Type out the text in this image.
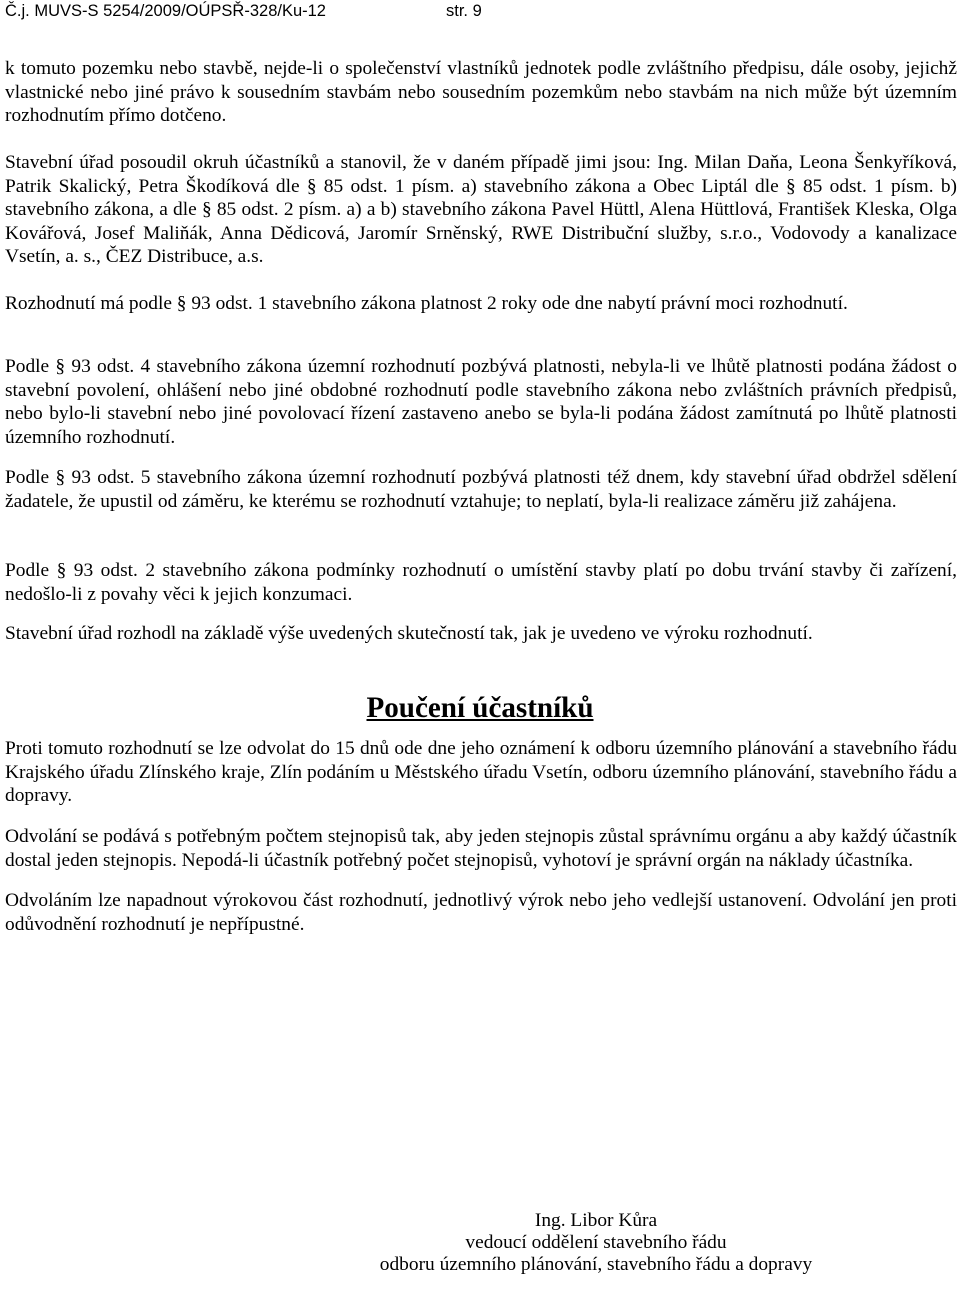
Č.j. MUVS-S 5254/2009/OÚPSŘ-328/Ku-12	str. 9

k tomuto pozemku nebo stavbě, nejde-li o společenství vlastníků jednotek podle zvláštního předpisu, dále osoby, jejichž vlastnické nebo jiné právo k sousedním stavbám nebo sousedním pozemkům nebo stavbám na nich může být územním rozhodnutím přímo dotčeno.

Stavební úřad posoudil okruh účastníků a stanovil, že v daném případě jimi jsou: Ing. Milan Daňa, Leona Šenkyříková, Patrik Skalický, Petra Škodíková dle § 85 odst. 1 písm. a) stavebního zákona a Obec Liptál dle § 85 odst. 1 písm. b) stavebního zákona, a dle § 85 odst. 2 písm. a) a b) stavebního zákona Pavel Hüttl, Alena Hüttlová, František Kleska, Olga Kovářová, Josef Maliňák, Anna Dědicová, Jaromír Srněnský, RWE Distribuční služby, s.r.o., Vodovody a kanalizace Vsetín, a. s., ČEZ Distribuce, a.s.

Rozhodnutí má podle § 93 odst. 1 stavebního zákona platnost 2 roky ode dne nabytí právní moci rozhodnutí.

Podle § 93 odst. 4 stavebního zákona územní rozhodnutí pozbývá platnosti, nebyla-li ve lhůtě platnosti podána žádost o stavební povolení, ohlášení nebo jiné obdobné rozhodnutí podle stavebního zákona nebo zvláštních právních předpisů, nebo bylo-li stavební nebo jiné povolovací řízení zastaveno anebo se byla-li podána žádost zamítnutá po lhůtě platnosti územního rozhodnutí.

Podle § 93 odst. 5 stavebního zákona územní rozhodnutí pozbývá platnosti též dnem, kdy stavební úřad obdržel sdělení žadatele, že upustil od záměru, ke kterému se rozhodnutí vztahuje; to neplatí, byla-li realizace záměru již zahájena.

Podle § 93 odst. 2 stavebního zákona podmínky rozhodnutí o umístění stavby platí po dobu trvání stavby či zařízení, nedošlo-li z povahy věci k jejich konzumaci.

Stavební úřad rozhodl na základě výše uvedených skutečností tak, jak je uvedeno ve výroku rozhodnutí.

Poučení účastníků

Proti tomuto rozhodnutí se lze odvolat do 15 dnů ode dne jeho oznámení k odboru územního plánování a stavebního řádu Krajského úřadu Zlínského kraje, Zlín podáním u Městského úřadu Vsetín, odboru územního plánování, stavebního řádu a dopravy.

Odvolání se podává s potřebným počtem stejnopisů tak, aby jeden stejnopis zůstal správnímu orgánu a aby každý účastník dostal jeden stejnopis. Nepodá-li účastník potřebný počet stejnopisů, vyhotoví je správní orgán na náklady účastníka.

Odvoláním lze napadnout výrokovou část rozhodnutí, jednotlivý výrok nebo jeho vedlejší ustanovení. Odvolání jen proti odůvodnění rozhodnutí je nepřípustné.

Ing. Libor Kůra
vedoucí oddělení stavebního řádu
odboru územního plánování, stavebního řádu a dopravy
